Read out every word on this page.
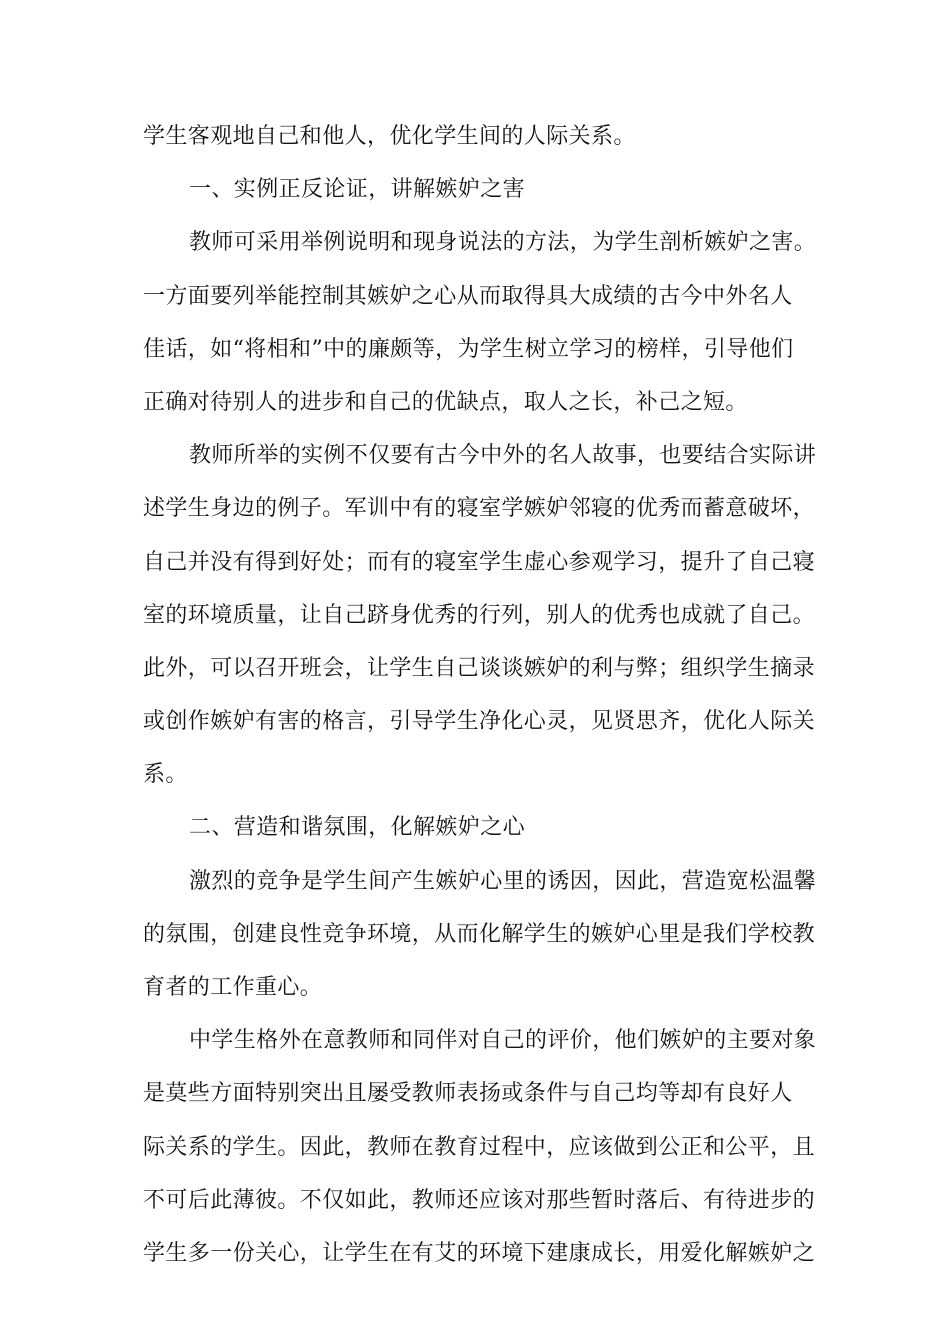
学生客观地自己和他人，优化学生间的人际关系。

一、实例正反论证，讲解嫉妒之害

教师可采用举例说明和现身说法的方法，为学生剖析嫉妒之害。
一方面要列举能控制其嫉妒之心从而取得具大成绩的古今中外名人
佳话，如“将相和”中的廉颇等，为学生树立学习的榜样，引导他们
正确对待别人的进步和自己的优缺点，取人之长，补己之短。

教师所举的实例不仅要有古今中外的名人故事，也要结合实际讲
述学生身边的例子。军训中有的寝室学嫉妒邻寝的优秀而蓄意破坏，
自己并没有得到好处；而有的寝室学生虚心参观学习，提升了自己寝
室的环境质量，让自己跻身优秀的行列，别人的优秀也成就了自己。
此外，可以召开班会，让学生自己谈谈嫉妒的利与弊；组织学生摘录
或创作嫉妒有害的格言，引导学生净化心灵，见贤思齐，优化人际关
系。

二、营造和谐氛围，化解嫉妒之心

激烈的竞争是学生间产生嫉妒心里的诱因，因此，营造宽松温馨
的氛围，创建良性竞争环境，从而化解学生的嫉妒心里是我们学校教
育者的工作重心。

中学生格外在意教师和同伴对自己的评价，他们嫉妒的主要对象
是莫些方面特别突出且屡受教师表扬或条件与自己均等却有良好人
际关系的学生。因此，教师在教育过程中，应该做到公正和公平，且
不可后此薄彼。不仅如此，教师还应该对那些暂时落后、有待进步的
学生多一份关心，让学生在有艾的环境下建康成长，用爱化解嫉妒之
